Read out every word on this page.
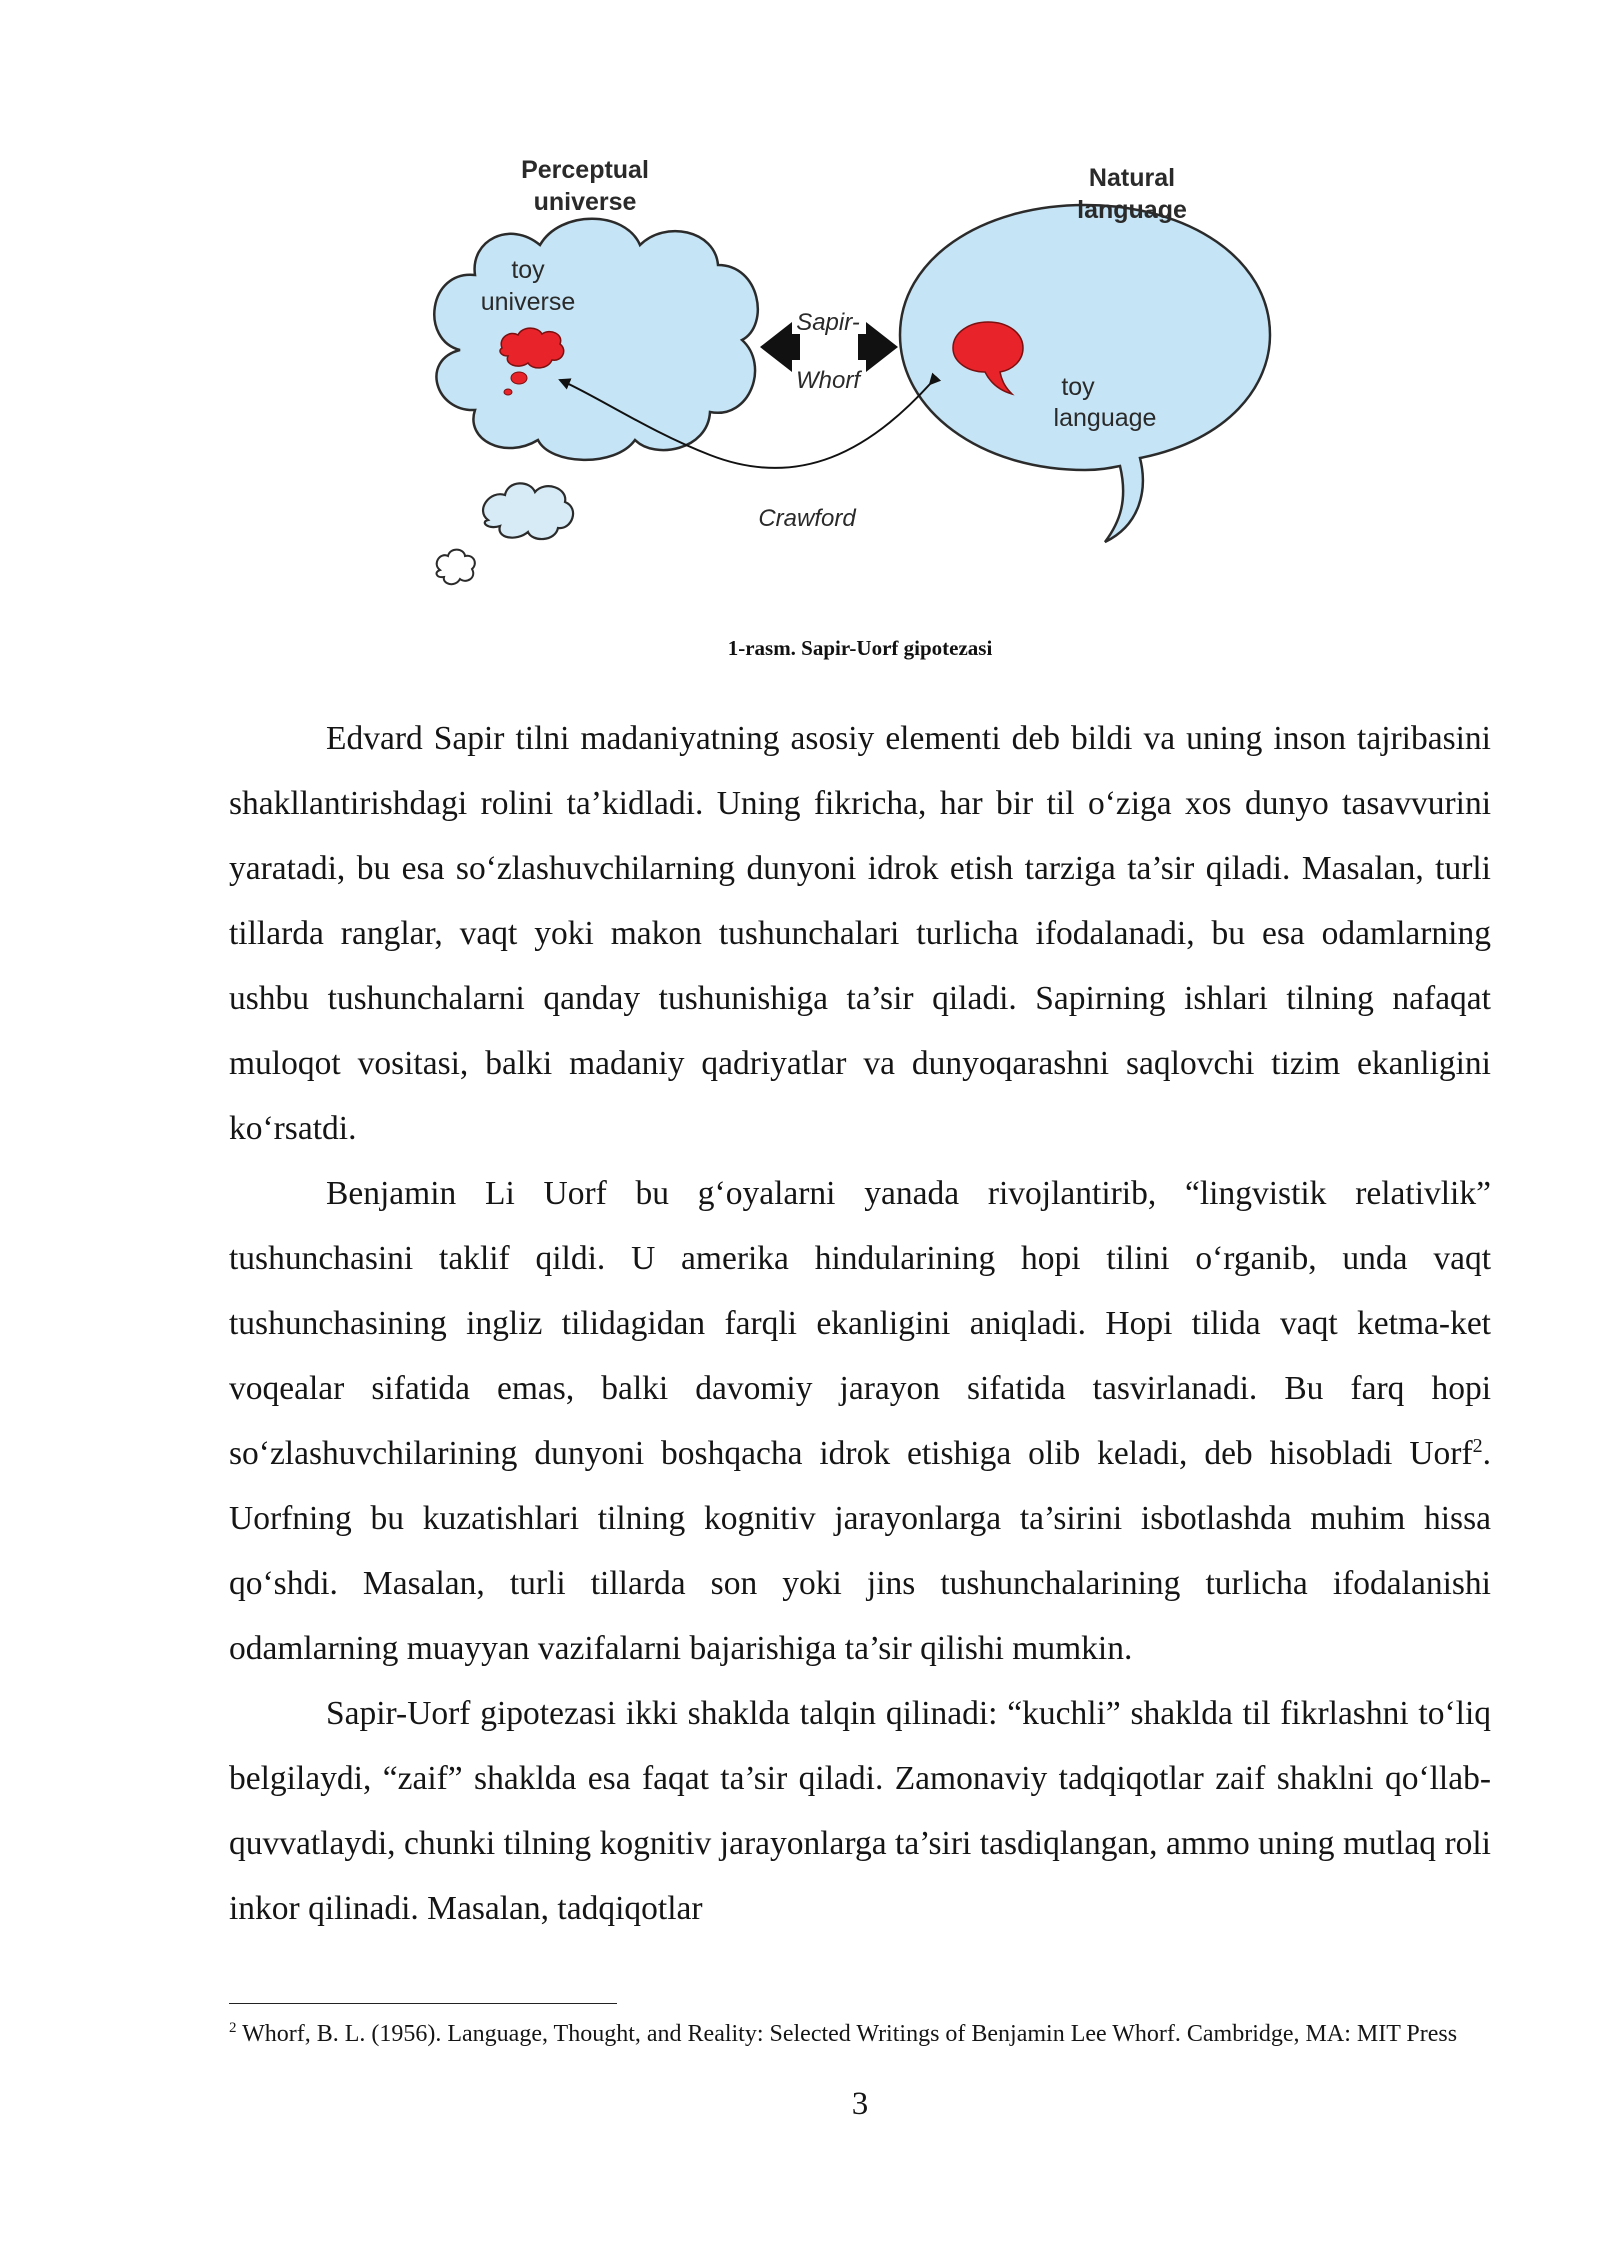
Perceptual
universe
Natural
language
toy
universe
toy
language
Sapir-
Whorf
Crawford
1-rasm. Sapir-Uorf gipotezasi

Edvard Sapir tilni madaniyatning asosiy elementi deb bildi va uning inson tajribasini shakllantirishdagi rolini ta’kidladi. Uning fikricha, har bir til o‘ziga xos dunyo tasavvurini yaratadi, bu esa so‘zlashuvchilarning dunyoni idrok etish tarziga ta’sir qiladi. Masalan, turli tillarda ranglar, vaqt yoki makon tushunchalari turlicha ifodalanadi, bu esa odamlarning ushbu tushunchalarni qanday tushunishiga ta’sir qiladi. Sapirning ishlari tilning nafaqat muloqot vositasi, balki madaniy qadriyatlar va dunyoqarashni saqlovchi tizim ekanligini ko‘rsatdi.

Benjamin Li Uorf bu g‘oyalarni yanada rivojlantirib, “lingvistik relativlik” tushunchasini taklif qildi. U amerika hindularining hopi tilini o‘rganib, unda vaqt tushunchasining ingliz tilidagidan farqli ekanligini aniqladi. Hopi tilida vaqt ketma-ket voqealar sifatida emas, balki davomiy jarayon sifatida tasvirlanadi. Bu farq hopi so‘zlashuvchilarining dunyoni boshqacha idrok etishiga olib keladi, deb hisobladi Uorf$^2$. Uorfning bu kuzatishlari tilning kognitiv jarayonlarga ta’sirini isbotlashda muhim hissa qo‘shdi. Masalan, turli tillarda son yoki jins tushunchalarining turlicha ifodalanishi odamlarning muayyan vazifalarni bajarishiga ta’sir qilishi mumkin.

Sapir-Uorf gipotezasi ikki shaklda talqin qilinadi: “kuchli” shaklda til fikrlashni to‘liq belgilaydi, “zaif” shaklda esa faqat ta’sir qiladi. Zamonaviy tadqiqotlar zaif shaklni qo‘llab-quvvatlaydi, chunki tilning kognitiv jarayonlarga ta’siri tasdiqlangan, ammo uning mutlaq roli inkor qilinadi. Masalan, tadqiqotlar

$^2$ Whorf, B. L. (1956). Language, Thought, and Reality: Selected Writings of Benjamin Lee Whorf. Cambridge, MA: MIT Press
3
